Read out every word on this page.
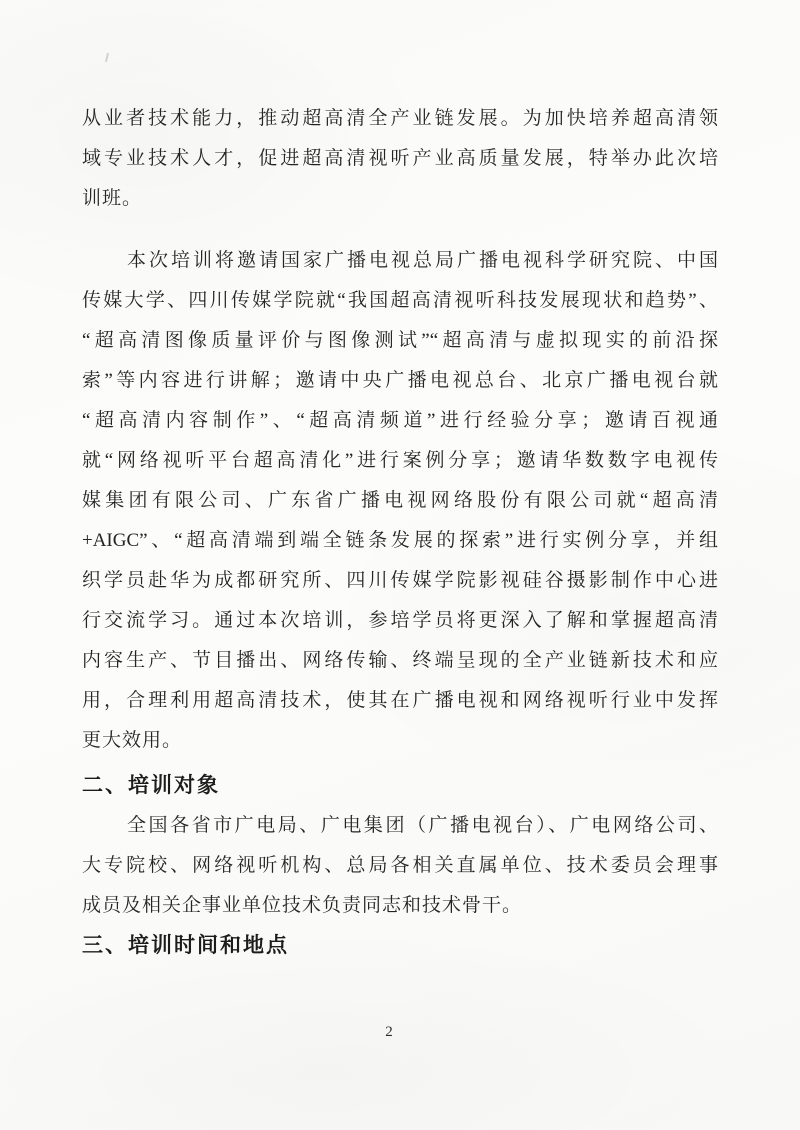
从业者技术能力，推动超高清全产业链发展。为加快培养超高清领
域专业技术人才，促进超高清视听产业高质量发展，特举办此次培
训班。
本次培训将邀请国家广播电视总局广播电视科学研究院、中国
传媒大学、四川传媒学院就“我国超高清视听科技发展现状和趋势”、
“超高清图像质量评价与图像测试”“超高清与虚拟现实的前沿探
索”等内容进行讲解；邀请中央广播电视总台、北京广播电视台就
“超高清内容制作”、“超高清频道”进行经验分享；邀请百视通
就“网络视听平台超高清化”进行案例分享；邀请华数数字电视传
媒集团有限公司、广东省广播电视网络股份有限公司就“超高清
+AIGC”、“超高清端到端全链条发展的探索”进行实例分享，并组
织学员赴华为成都研究所、四川传媒学院影视硅谷摄影制作中心进
行交流学习。通过本次培训，参培学员将更深入了解和掌握超高清
内容生产、节目播出、网络传输、终端呈现的全产业链新技术和应
用，合理利用超高清技术，使其在广播电视和网络视听行业中发挥
更大效用。
二、培训对象
全国各省市广电局、广电集团（广播电视台）、广电网络公司、
大专院校、网络视听机构、总局各相关直属单位、技术委员会理事
成员及相关企事业单位技术负责同志和技术骨干。
三、培训时间和地点
2
